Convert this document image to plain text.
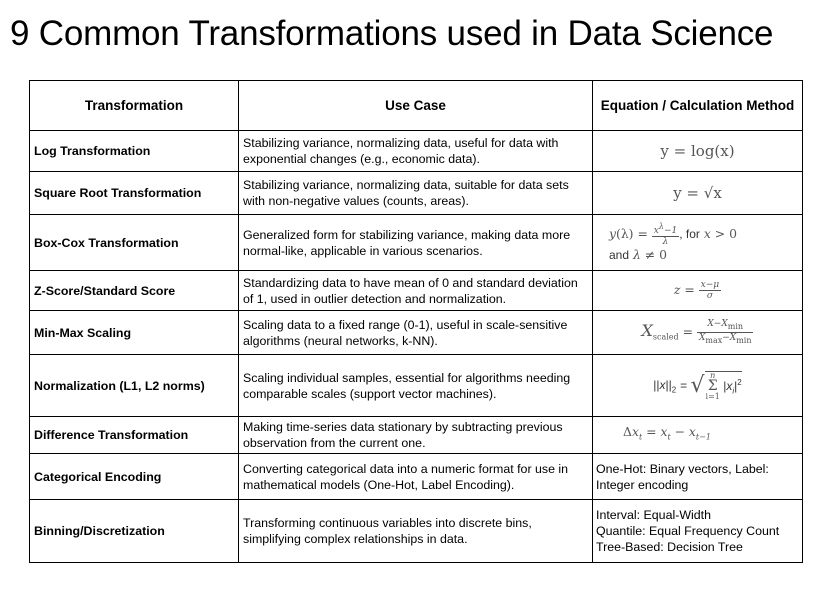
9 Common Transformations used in Data Science
Transformation	Use Case	Equation / Calculation Method
Log Transformation	Stabilizing variance, normalizing data, useful for data with exponential changes (e.g., economic data).	y = log(x)
Square Root Transformation	Stabilizing variance, normalizing data, suitable for data sets with non-negative values (counts, areas).	y = √x
Box-Cox Transformation	Generalized form for stabilizing variance, making data more normal-like, applicable in various scenarios.	$y(\lambda) = \frac{x^\lambda-1}{\lambda}$ , for x > 0
and λ ≠ 0

Z-Score/Standard Score	Standardizing data to have mean of 0 and standard deviation of 1, used in outlier detection and normalization.	$z = \frac{x-\mu}{\sigma}$

Min-Max Scaling	Scaling data to a fixed range (0-1), useful in scale-sensitive algorithms (neural networks, k-NN).	$X_{scaled} = \frac{X-X_{min}}{X_{max}-X_{min}}$

Normalization (L1, L2 norms)	Scaling individual samples, essential for algorithms needing comparable scales (support vector machines).	$||x||_2$ = √ n
Σ
i=1 $|x_i|^2$
Difference Transformation	Making time-series data stationary by subtracting previous observation from the current one.	$\Delta x_t = x_t - x_{t-1}$
Categorical Encoding	Converting categorical data into a numeric format for use in mathematical models (One-Hot, Label Encoding).	One-Hot: Binary vectors, Label:
Integer encoding

Binning/Discretization	Transforming continuous variables into discrete bins, simplifying complex relationships in data.	Interval: Equal-Width
Quantile: Equal Frequency Count
Tree-Based: Decision Tree
